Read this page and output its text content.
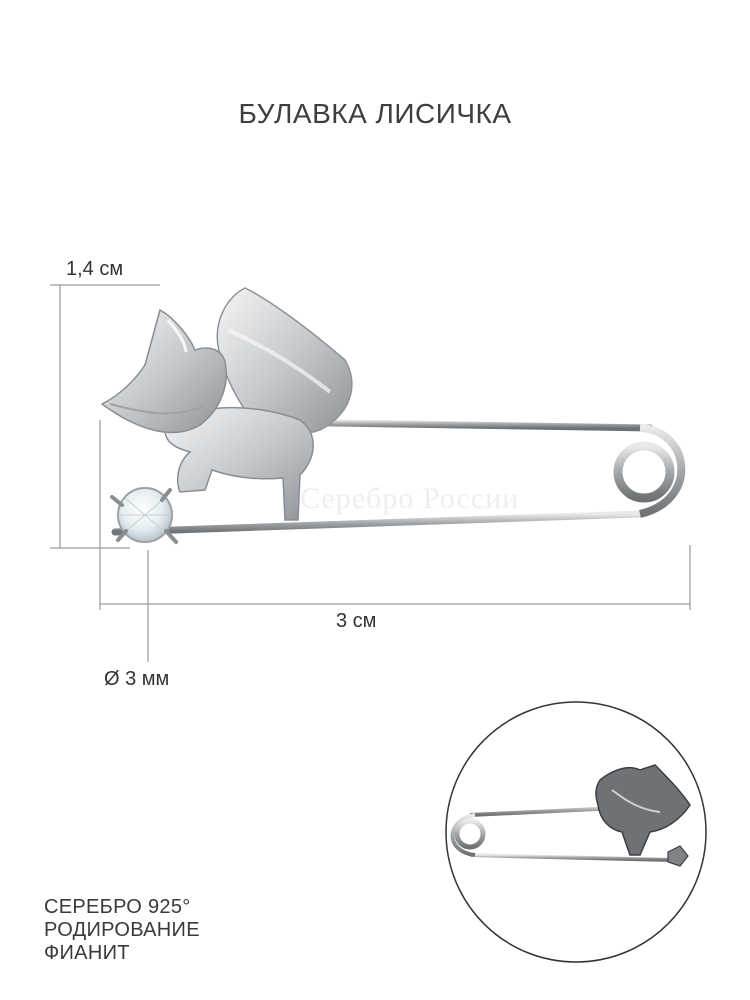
БУЛАВКА ЛИСИЧКА
Серебро России
1,4 см
3 см
Ø 3 мм
СЕРЕБРО 925°
РОДИРОВАНИЕ
ФИАНИТ
